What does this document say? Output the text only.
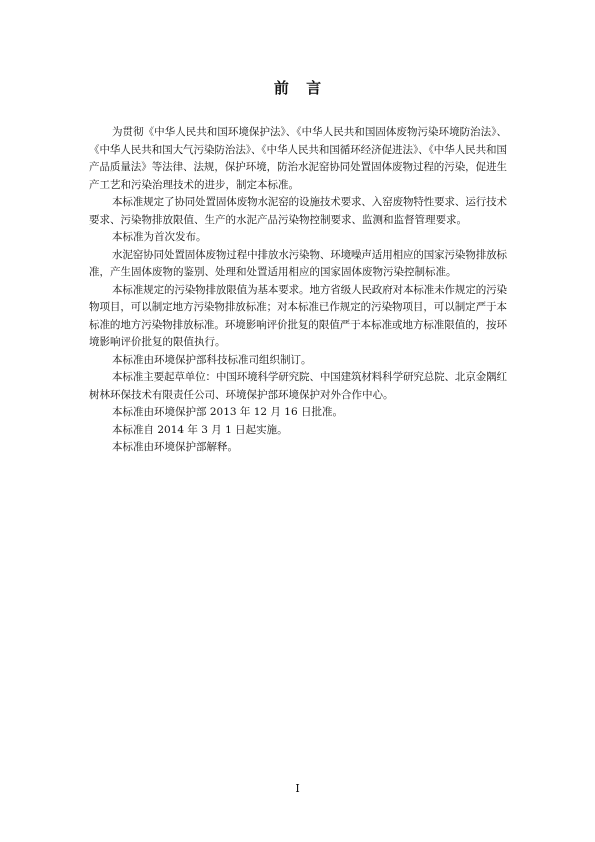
前 言
为贯彻《中华人民共和国环境保护法》、《中华人民共和国固体废物污染环境防治法》、
《中华人民共和国大气污染防治法》、《中华人民共和国循环经济促进法》、《中华人民共和国
产品质量法》等法律、法规，保护环境，防治水泥窑协同处置固体废物过程的污染，促进生
产工艺和污染治理技术的进步，制定本标准。
本标准规定了协同处置固体废物水泥窑的设施技术要求、入窑废物特性要求、运行技术
要求、污染物排放限值、生产的水泥产品污染物控制要求、监测和监督管理要求。
本标准为首次发布。
水泥窑协同处置固体废物过程中排放水污染物、环境噪声适用相应的国家污染物排放标
准，产生固体废物的鉴别、处理和处置适用相应的国家固体废物污染控制标准。
本标准规定的污染物排放限值为基本要求。地方省级人民政府对本标准未作规定的污染
物项目，可以制定地方污染物排放标准；对本标准已作规定的污染物项目，可以制定严于本
标准的地方污染物排放标准。环境影响评价批复的限值严于本标准或地方标准限值的，按环
境影响评价批复的限值执行。
本标准由环境保护部科技标准司组织制订。
本标准主要起草单位：中国环境科学研究院、中国建筑材料科学研究总院、北京金隅红
树林环保技术有限责任公司、环境保护部环境保护对外合作中心。
本标准由环境保护部 2013 年 12 月 16 日批准。
本标准自 2014 年 3 月 1 日起实施。
本标准由环境保护部解释。
I
